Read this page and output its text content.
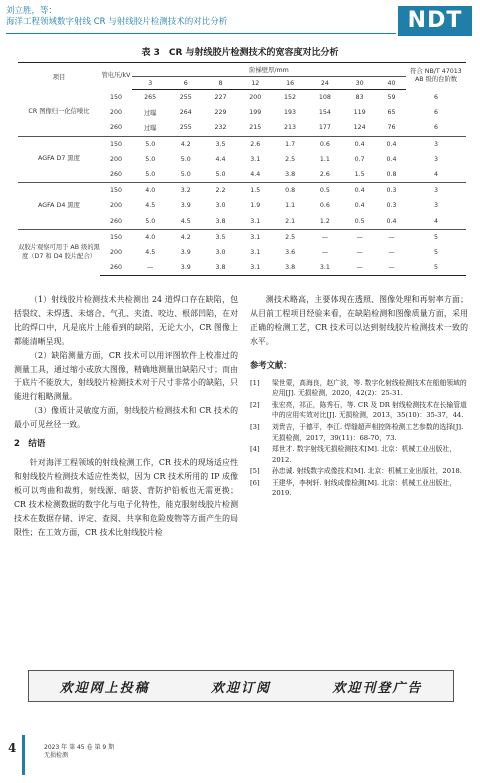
刘立胜，等：
海洋工程领域数字射线 CR 与射线胶片检测技术的对比分析	NDT
表 3　CR 与射线胶片检测技术的宽容度对比分析
项目	管电压/kV	阶梯壁厚/mm								符合 NB/T 47013 AB 级的台阶数
		3	6	8	12	16	24	30	40	
CR 图像归一化信噪比	150	265	255	227	200	152	108	83	59	6
	200	过曝	264	229	199	193	154	119	65	6
	260	过曝	255	232	215	213	177	124	76	6
AGFA D7 黑度	150	5.0	4.2	3.5	2.6	1.7	0.6	0.4	0.4	3
	200	5.0	5.0	4.4	3.1	2.5	1.1	0.7	0.4	3
	260	5.0	5.0	5.0	4.4	3.8	2.6	1.5	0.8	4
AGFA D4 黑度	150	4.0	3.2	2.2	1.5	0.8	0.5	0.4	0.3	3
	200	4.5	3.9	3.0	1.9	1.1	0.6	0.4	0.3	3
	260	5.0	4.5	3.8	3.1	2.1	1.2	0.5	0.4	4
双胶片观察可用于 AB 级的黑度（D7 和 D4 胶片配合）	150	4.0	4.2	3.5	3.1	2.5	—	—	—	5
	200	4.5	3.9	3.0	3.1	3.6	—	—	—	5
	260	—	3.9	3.8	3.1	3.8	3.1	—	—	5

（1）射线胶片检测技术共检测出 24 道焊口存在缺陷，包括裂纹、未焊透、未熔合、气孔、夹渣、咬边、根部凹陷，在对比的焊口中，凡是底片上能看到的缺陷，无论大小，CR 图像上都能清晰呈现。

（2）缺陷测量方面，CR 技术可以用评图软件上校准过的测量工具，通过缩小或放大图像，精确地测量出缺陷尺寸；而由于底片不能放大，射线胶片检测技术对于尺寸非常小的缺陷，只能进行粗略测量。

（3）像质计灵敏度方面，射线胶片检测技术和 CR 技术的最小可见丝径一致。

2　结语

针对海洋工程领域的射线检测工作，CR 技术的现场适应性和射线胶片检测技术适应性类似，因为 CR 技术所用的 IP 成像板可以弯曲和裁剪，射线源、暗袋、背防护铅板也无需更换；CR 技术检测数据的数字化与电子化特性，能克服射线胶片检测技术在数据存储、评定、查阅、共享和危险废物等方面产生的局限性；在工效方面，CR 技术比射线胶片检

测技术略高，主要体现在透照、图像处理和再射率方面；从目前工程项目经验来看，在缺陷检测和图像质量方面，采用正确的检测工艺，CR 技术可以达到射线胶片检测技术一致的水平。

参考文献：

[1]	梁世蒙，高海良，赵广波，等. 数字化射线检测技术在船舶领域的应用[J]. 无损检测，2020，42(2)：25-31.
[2]	张宏亮，祁正，陈秀石，等. CR 及 DR 射线检测技术在长输管道中的应用实效对比[J]. 无损检测，2013，35(10)：35-37，44.
[3]	刘贵吉，于德平，李江. 焊缝超声相控阵检测工艺参数的选择[J]. 无损检测，2017，39(11)：68-70，73.
[4]	郑世才. 数字射线无损检测技术[M]. 北京：机械工业出版社，2012.
[5]	孙忠诚. 射线数字成像技术[M]. 北京：机械工业出版社，2018.
[6]	王建华，李树轩. 射线成像检测[M]. 北京：机械工业出版社，2019.
欢迎网上投稿	欢迎订阅	欢迎刊登广告
4	2023 年 第 45 卷 第 9 期
无损检测
